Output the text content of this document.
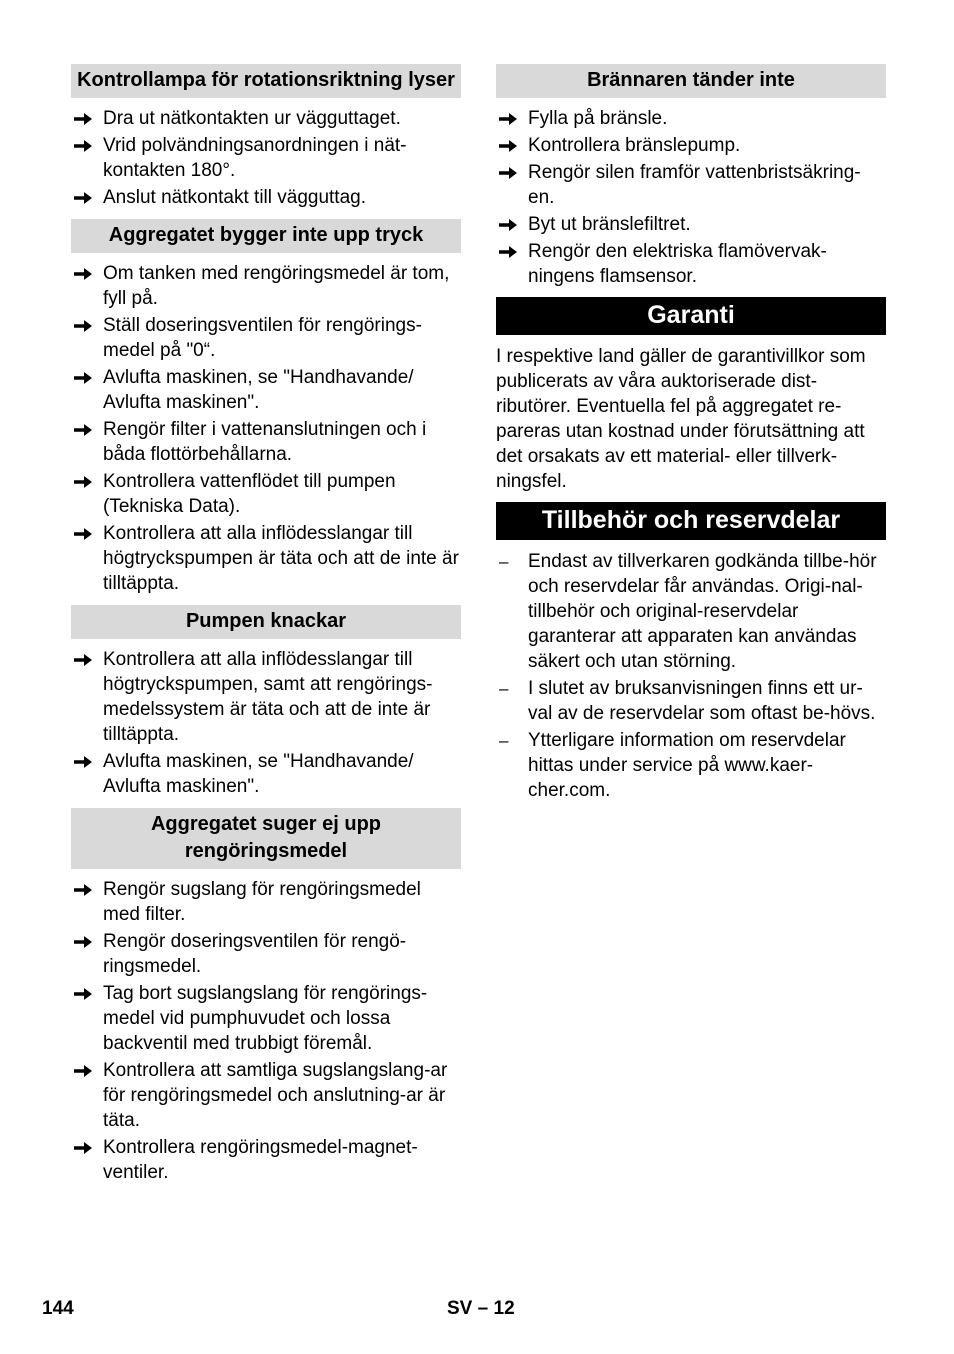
Kontrollampa för rotationsriktning lyser
Dra ut nätkontakten ur vägguttaget.
Vrid polvändningsanordningen i nät-kontakten 180°.
Anslut nätkontakt till vägguttag.
Aggregatet bygger inte upp tryck
Om tanken med rengöringsmedel är tom, fyll på.
Ställ doseringsventilen för rengörings-medel på "0“.
Avlufta maskinen, se "Handhavande/ Avlufta maskinen".
Rengör filter i vattenanslutningen och i båda flottörbehållarna.
Kontrollera vattenflödet till pumpen (Tekniska Data).
Kontrollera att alla inflödesslangar till högtryckspumpen är täta och att de inte är tilltäppta.
Pumpen knackar
Kontrollera att alla inflödesslangar till högtryckspumpen, samt att rengörings-medelssystem är täta och att de inte är tilltäppta.
Avlufta maskinen, se "Handhavande/ Avlufta maskinen".
Aggregatet suger ej upp rengöringsmedel
Rengör sugslang för rengöringsmedel med filter.
Rengör doseringsventilen för rengö-ringsmedel.
Tag bort sugslangslang för rengörings-medel vid pumphuvudet och lossa backventil med trubbigt föremål.
Kontrollera att samtliga sugslangslang-ar för rengöringsmedel och anslutning-ar är täta.
Kontrollera rengöringsmedel-magnet-ventiler.
Brännaren tänder inte
Fylla på bränsle.
Kontrollera bränslepump.
Rengör silen framför vattenbristsäkring-en.
Byt ut bränslefiltret.
Rengör den elektriska flamövervak-ningens flamsensor.
Garanti

I respektive land gäller de garantivillkor som publicerats av våra auktoriserade dist-ributörer. Eventuella fel på aggregatet re-pareras utan kostnad under förutsättning att det orsakats av ett material- eller tillverk-ningsfel.

Tillbehör och reservdelar
–	Endast av tillverkaren godkända tillbe-hör och reservdelar får användas. Origi-nal-tillbehör och original-reservdelar garanterar att apparaten kan användas säkert och utan störning.
–	I slutet av bruksanvisningen finns ett ur-val av de reservdelar som oftast be-hövs.
–	Ytterligare information om reservdelar hittas under service på www.kaer-cher.com.
144	SV – 12
